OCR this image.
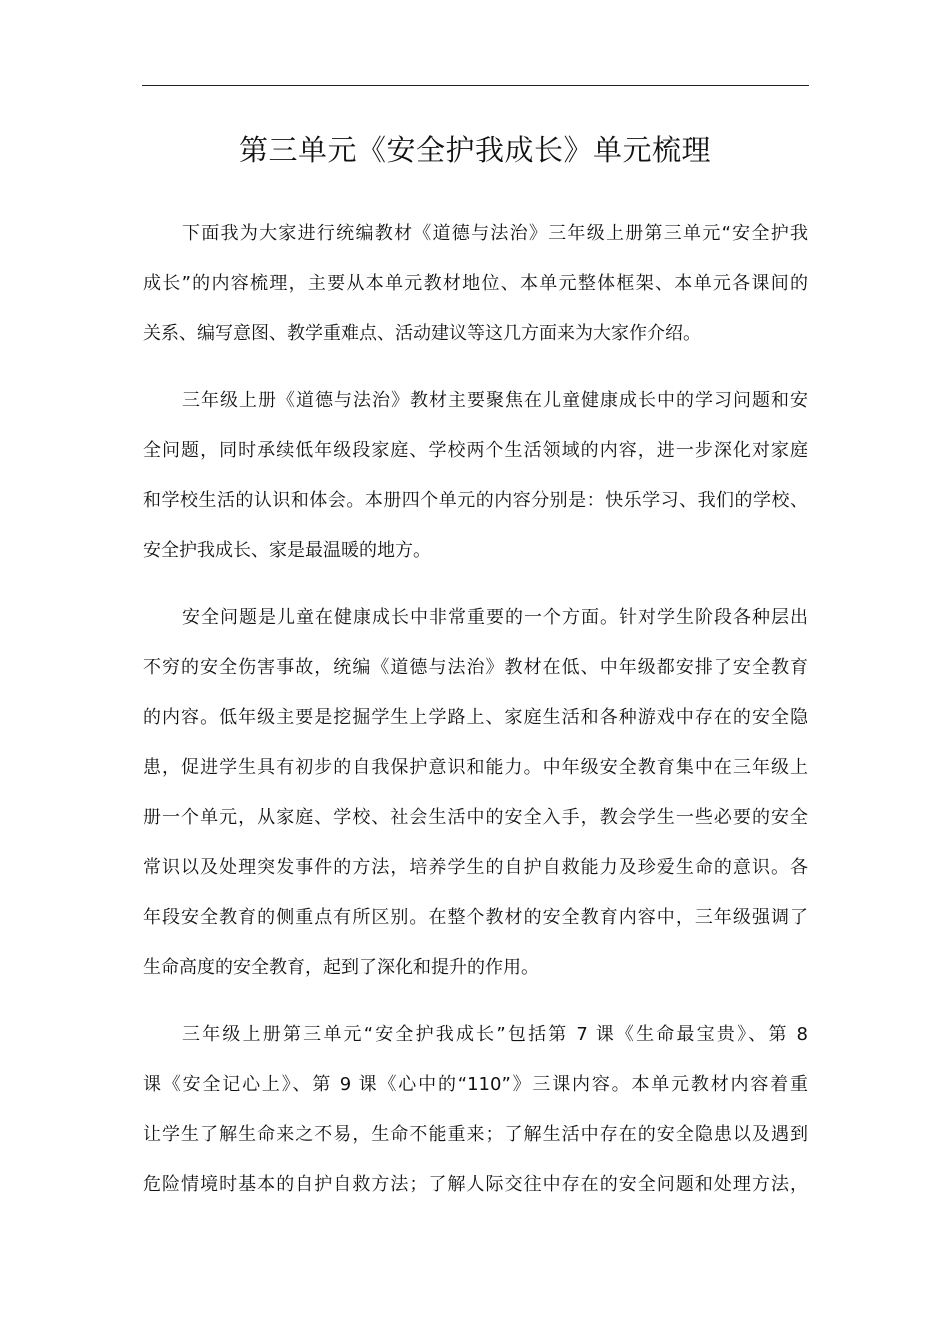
第三单元《安全护我成长》单元梳理
下面我为大家进行统编教材《道德与法治》三年级上册第三单元“安全护我
成长”的内容梳理，主要从本单元教材地位、本单元整体框架、本单元各课间的
关系、编写意图、教学重难点、活动建议等这几方面来为大家作介绍。
三年级上册《道德与法治》教材主要聚焦在儿童健康成长中的学习问题和安
全问题，同时承续低年级段家庭、学校两个生活领域的内容，进一步深化对家庭
和学校生活的认识和体会。本册四个单元的内容分别是：快乐学习、我们的学校、
安全护我成长、家是最温暖的地方。
安全问题是儿童在健康成长中非常重要的一个方面。针对学生阶段各种层出
不穷的安全伤害事故，统编《道德与法治》教材在低、中年级都安排了安全教育
的内容。低年级主要是挖掘学生上学路上、家庭生活和各种游戏中存在的安全隐
患，促进学生具有初步的自我保护意识和能力。中年级安全教育集中在三年级上
册一个单元，从家庭、学校、社会生活中的安全入手，教会学生一些必要的安全
常识以及处理突发事件的方法，培养学生的自护自救能力及珍爱生命的意识。各
年段安全教育的侧重点有所区别。在整个教材的安全教育内容中，三年级强调了
生命高度的安全教育，起到了深化和提升的作用。
三年级上册第三单元“安全护我成长”包括第 7 课《生命最宝贵》、第 8
课《安全记心上》、第 9 课《心中的“110”》三课内容。本单元教材内容着重
让学生了解生命来之不易，生命不能重来；了解生活中存在的安全隐患以及遇到
危险情境时基本的自护自救方法；了解人际交往中存在的安全问题和处理方法，
